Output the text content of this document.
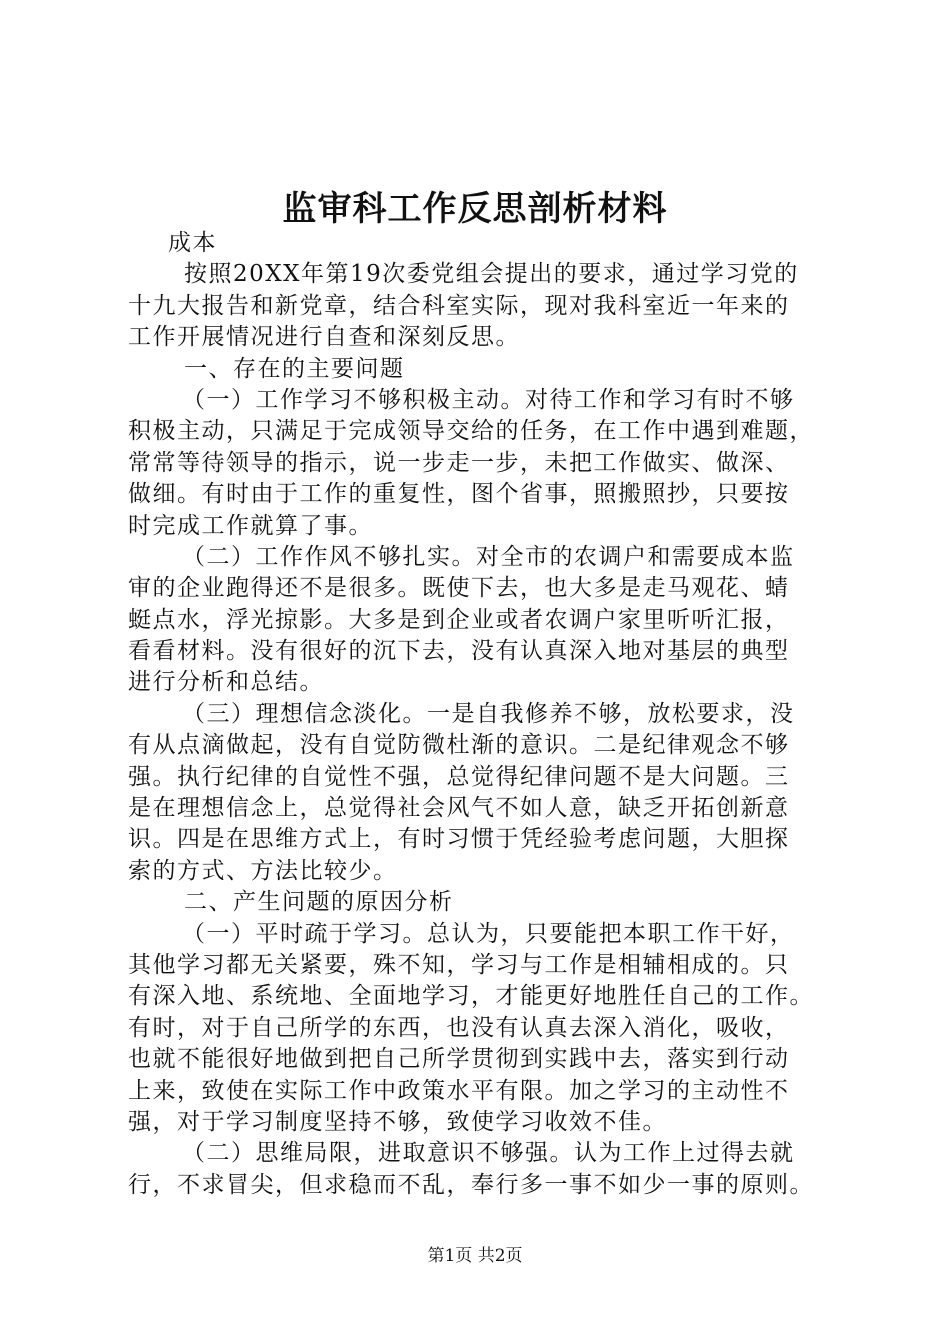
监审科工作反思剖析材料
成本
按照20XX年第19次委党组会提出的要求，通过学习党的
十九大报告和新党章，结合科室实际，现对我科室近一年来的
工作开展情况进行自查和深刻反思。
一、存在的主要问题
（一）工作学习不够积极主动。对待工作和学习有时不够
积极主动，只满足于完成领导交给的任务，在工作中遇到难题，
常常等待领导的指示，说一步走一步，未把工作做实、做深、
做细。有时由于工作的重复性，图个省事，照搬照抄，只要按
时完成工作就算了事。
（二）工作作风不够扎实。对全市的农调户和需要成本监
审的企业跑得还不是很多。既使下去，也大多是走马观花、蜻
蜓点水，浮光掠影。大多是到企业或者农调户家里听听汇报，
看看材料。没有很好的沉下去，没有认真深入地对基层的典型
进行分析和总结。
（三）理想信念淡化。一是自我修养不够，放松要求，没
有从点滴做起，没有自觉防微杜渐的意识。二是纪律观念不够
强。执行纪律的自觉性不强，总觉得纪律问题不是大问题。三
是在理想信念上，总觉得社会风气不如人意，缺乏开拓创新意
识。四是在思维方式上，有时习惯于凭经验考虑问题，大胆探
索的方式、方法比较少。
二、产生问题的原因分析
（一）平时疏于学习。总认为，只要能把本职工作干好，
其他学习都无关紧要，殊不知，学习与工作是相辅相成的。只
有深入地、系统地、全面地学习，才能更好地胜任自己的工作。
有时，对于自己所学的东西，也没有认真去深入消化，吸收，
也就不能很好地做到把自己所学贯彻到实践中去，落实到行动
上来，致使在实际工作中政策水平有限。加之学习的主动性不
强，对于学习制度坚持不够，致使学习收效不佳。
（二）思维局限，进取意识不够强。认为工作上过得去就
行，不求冒尖，但求稳而不乱，奉行多一事不如少一事的原则。
第1页 共2页
